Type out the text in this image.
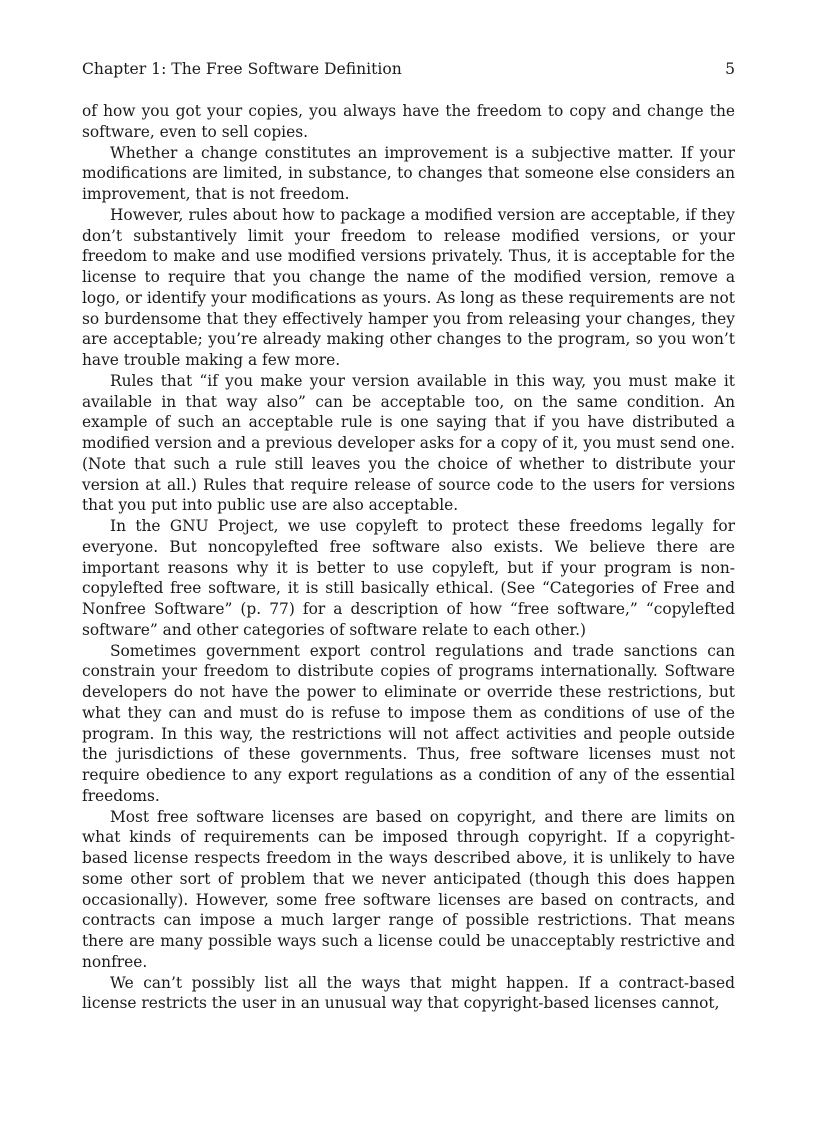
Chapter 1: The Free Software Definition	5

of how you got your copies, you always have the freedom to copy and change the software, even to sell copies.

Whether a change constitutes an improvement is a subjective matter. If your modifications are limited, in substance, to changes that someone else considers an improvement, that is not freedom.

However, rules about how to package a modified version are acceptable, if they don’t substantively limit your freedom to release modified versions, or your freedom to make and use modified versions privately. Thus, it is acceptable for the license to require that you change the name of the modified version, remove a logo, or identify your modifications as yours. As long as these requirements are not so burdensome that they effectively hamper you from releasing your changes, they are acceptable; you’re already making other changes to the program, so you won’t have trouble making a few more.

Rules that “if you make your version available in this way, you must make it available in that way also” can be acceptable too, on the same condition. An example of such an acceptable rule is one saying that if you have distributed a modified version and a previous developer asks for a copy of it, you must send one. (Note that such a rule still leaves you the choice of whether to distribute your version at all.) Rules that require release of source code to the users for versions that you put into public use are also acceptable.

In the GNU Project, we use copyleft to protect these freedoms legally for everyone. But noncopylefted free software also exists. We believe there are important reasons why it is better to use copyleft, but if your program is non-copylefted free software, it is still basically ethical. (See “Categories of Free and Nonfree Software” (p. 77) for a description of how “free software,” “copylefted software” and other categories of software relate to each other.)

Sometimes government export control regulations and trade sanctions can constrain your freedom to distribute copies of programs internationally. Software developers do not have the power to eliminate or override these restrictions, but what they can and must do is refuse to impose them as conditions of use of the program. In this way, the restrictions will not affect activities and people outside the jurisdictions of these governments. Thus, free software licenses must not require obedience to any export regulations as a condition of any of the essential freedoms.

Most free software licenses are based on copyright, and there are limits on what kinds of requirements can be imposed through copyright. If a copyright-based license respects freedom in the ways described above, it is unlikely to have some other sort of problem that we never anticipated (though this does happen occasionally). However, some free software licenses are based on contracts, and contracts can impose a much larger range of possible restrictions. That means there are many possible ways such a license could be unacceptably restrictive and nonfree.

We can’t possibly list all the ways that might happen. If a contract-based license restricts the user in an unusual way that copyright-based licenses cannot,
